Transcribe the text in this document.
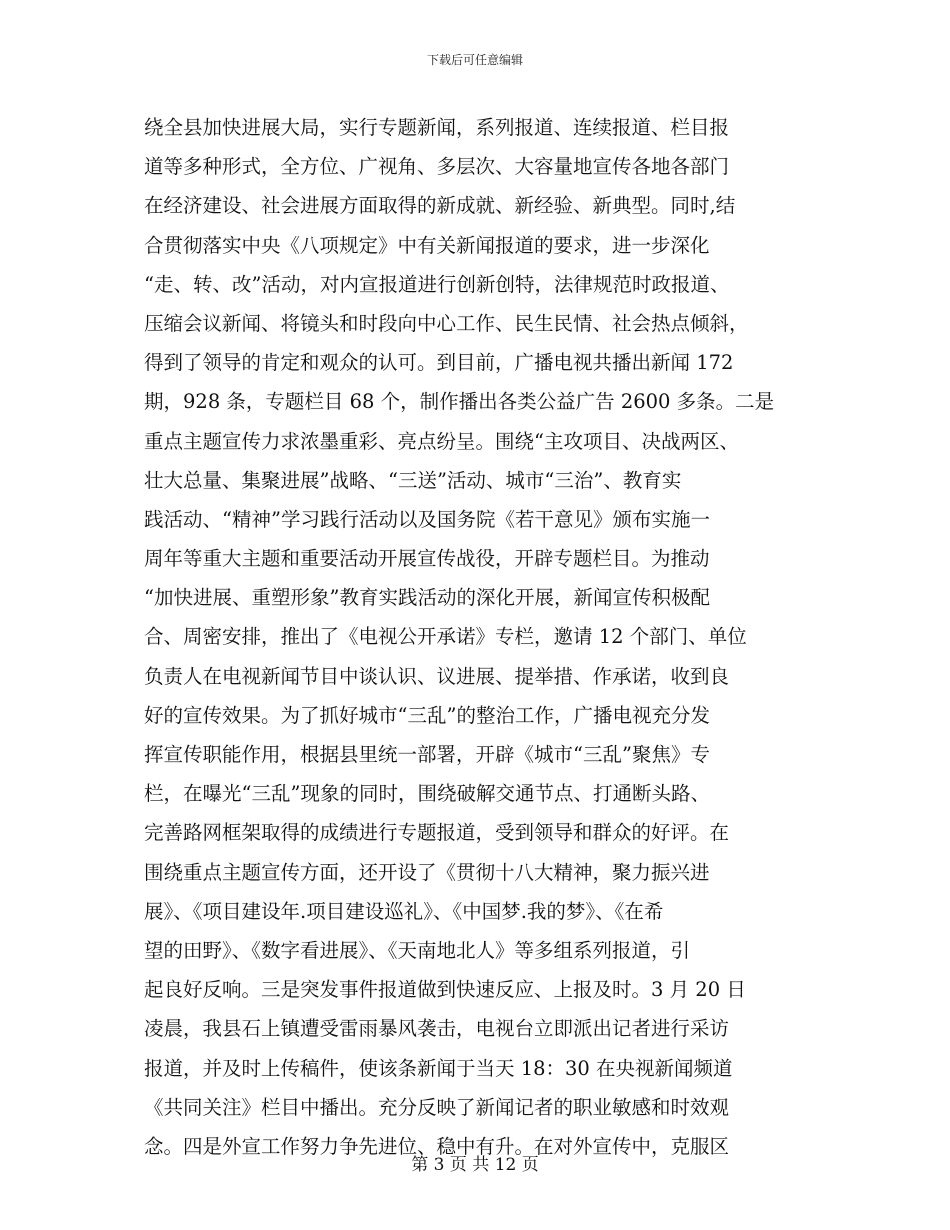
下载后可任意编辑
绕全县加快进展大局，实行专题新闻，系列报道、连续报道、栏目报
道等多种形式，全方位、广视角、多层次、大容量地宣传各地各部门
在经济建设、社会进展方面取得的新成就、新经验、新典型。同时,结
合贯彻落实中央《八项规定》中有关新闻报道的要求，进一步深化
“走、转、改”活动，对内宣报道进行创新创特，法律规范时政报道、
压缩会议新闻、将镜头和时段向中心工作、民生民情、社会热点倾斜，
得到了领导的肯定和观众的认可。到目前，广播电视共播出新闻 172
期，928 条，专题栏目 68 个，制作播出各类公益广告 2600 多条。二是
重点主题宣传力求浓墨重彩、亮点纷呈。围绕“主攻项目、决战两区、
壮大总量、集聚进展”战略、“三送”活动、城市“三治”、教育实
践活动、“精神”学习践行活动以及国务院《若干意见》颁布实施一
周年等重大主题和重要活动开展宣传战役，开辟专题栏目。为推动
“加快进展、重塑形象”教育实践活动的深化开展，新闻宣传积极配
合、周密安排，推出了《电视公开承诺》专栏，邀请 12 个部门、单位
负责人在电视新闻节目中谈认识、议进展、提举措、作承诺，收到良
好的宣传效果。为了抓好城市“三乱”的整治工作，广播电视充分发
挥宣传职能作用，根据县里统一部署，开辟《城市“三乱”聚焦》专
栏，在曝光“三乱”现象的同时，围绕破解交通节点、打通断头路、
完善路网框架取得的成绩进行专题报道，受到领导和群众的好评。在
围绕重点主题宣传方面，还开设了《贯彻十八大精神，聚力振兴进
展》、《项目建设年.项目建设巡礼》、《中国梦.我的梦》、《在希
望的田野》、《数字看进展》、《天南地北人》等多组系列报道，引
起良好反响。三是突发事件报道做到快速反应、上报及时。3 月 20 日
凌晨，我县石上镇遭受雷雨暴风袭击，电视台立即派出记者进行采访
报道，并及时上传稿件，使该条新闻于当天 18：30 在央视新闻频道
《共同关注》栏目中播出。充分反映了新闻记者的职业敏感和时效观
念。四是外宣工作努力争先进位、稳中有升。在对外宣传中，克服区
第 3 页 共 12 页
